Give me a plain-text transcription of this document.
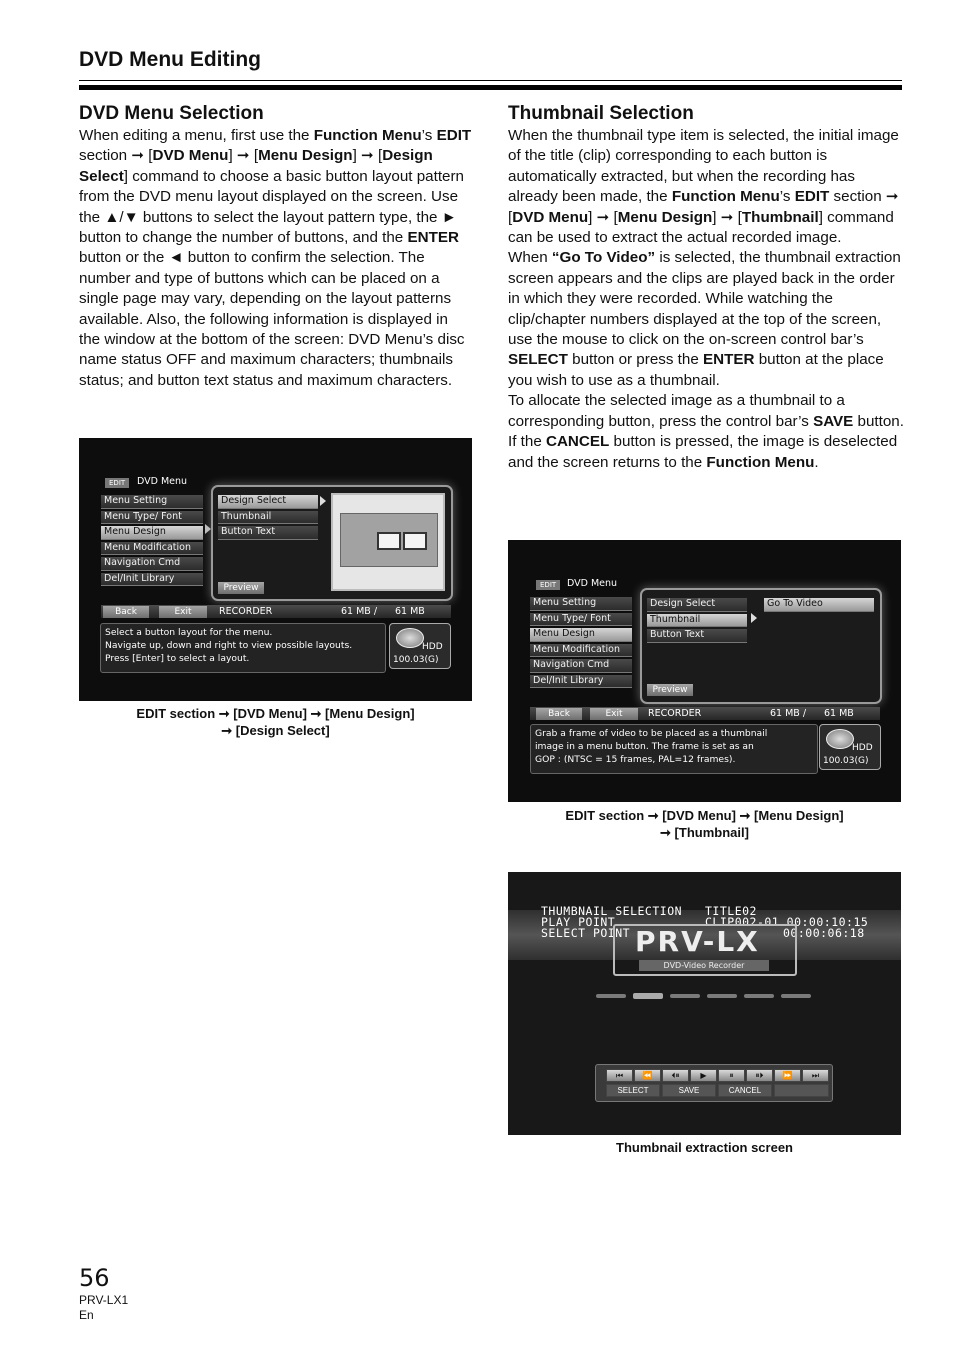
DVD Menu Editing
DVD Menu Selection
When editing a menu, first use the Function Menu’s EDIT section ➞ [DVD Menu] ➞ [Menu Design] ➞ [Design Select] command to choose a basic button layout pattern from the DVD menu layout displayed on the screen. Use the ▲/▼ buttons to select the layout pattern type, the ► button to change the number of buttons, and the ENTER button or the ◄ button to confirm the selection. The number and type of buttons which can be placed on a single page may vary, depending on the layout patterns available. Also, the following information is displayed in the window at the bottom of the screen: DVD Menu’s disc name status OFF and maximum characters; thumbnails status; and button text status and maximum characters.
EDIT	DVD Menu
Menu Setting
Menu Type/ Font
Menu Design
Menu Modification
Navigation Cmd
Del/Init Library
Design Select
Thumbnail
Button Text
Preview
Back	Exit	RECORDER	61 MB / 61 MB
Select a button layout for the menu.
Navigate up, down and right to view possible layouts.
Press [Enter] to select a layout.
HDD
100.03(G)
EDIT section ➞ [DVD Menu] ➞ [Menu Design]
➞ [Design Select]
Thumbnail Selection
When the thumbnail type item is selected, the initial image of the title (clip) corresponding to each button is automatically extracted, but when the recording has already been made, the Function Menu’s EDIT section ➞ [DVD Menu] ➞ [Menu Design] ➞ [Thumbnail] command can be used to extract the actual recorded image.
When “Go To Video” is selected, the thumbnail extraction screen appears and the clips are played back in the order in which they were recorded. While watching the clip/chapter numbers displayed at the top of the screen, use the mouse to click on the on-screen control bar’s SELECT button or press the ENTER button at the place you wish to use as a thumbnail.
To allocate the selected image as a thumbnail to a corresponding button, press the control bar’s SAVE button. If the CANCEL button is pressed, the image is deselected and the screen returns to the Function Menu.
EDIT	DVD Menu
Menu Setting
Menu Type/ Font
Menu Design
Menu Modification
Navigation Cmd
Del/Init Library
Design Select
Thumbnail
Button Text
Go To Video
Preview
Back	Exit	RECORDER	61 MB / 61 MB
Grab a frame of video to be placed as a thumbnail
image in a menu button. The frame is set as an
GOP : (NTSC = 15 frames, PAL=12 frames).
HDD
100.03(G)
EDIT section ➞ [DVD Menu] ➞ [Menu Design]
➞ [Thumbnail]
THUMBNAIL SELECTION
PLAY POINT
SELECT POINT
TITLE02
CLIP002-01 00:00:10:15
00:00:06:18
PRV-LX
DVD-Video Recorder
⏮	⏪	⏴⏸	▶	⏸	⏸⏵	⏩	⏭
SELECT	SAVE	CANCEL
Thumbnail extraction screen
56
PRV-LX1
En
